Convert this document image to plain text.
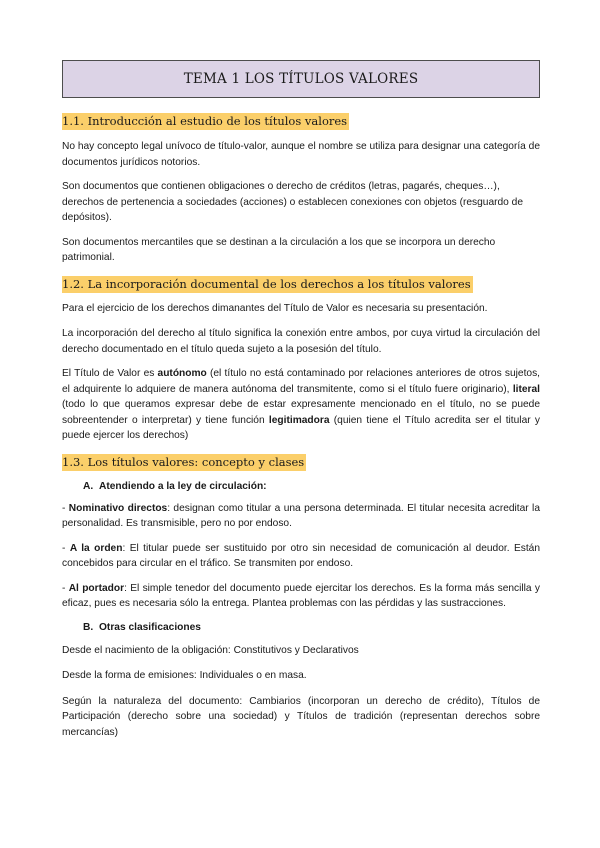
TEMA 1 LOS TÍTULOS VALORES
1.1. Introducción al estudio de los títulos valores

No hay concepto legal unívoco de título-valor, aunque el nombre se utiliza para designar una categoría de documentos jurídicos notorios.

Son documentos que contienen obligaciones o derecho de créditos (letras, pagarés, cheques…), derechos de pertenencia a sociedades (acciones) o establecen conexiones con objetos (resguardo de depósitos).

Son documentos mercantiles que se destinan a la circulación a los que se incorpora un derecho patrimonial.

1.2. La incorporación documental de los derechos a los títulos valores

Para el ejercicio de los derechos dimanantes del Título de Valor es necesaria su presentación.

La incorporación del derecho al título significa la conexión entre ambos, por cuya virtud la circulación del derecho documentado en el título queda sujeto a la posesión del título.

El Título de Valor es autónomo (el título no está contaminado por relaciones anteriores de otros sujetos, el adquirente lo adquiere de manera autónoma del transmitente, como si el título fuere originario), literal (todo lo que queramos expresar debe de estar expresamente mencionado en el título, no se puede sobreentender o interpretar) y tiene función legitimadora (quien tiene el Título acredita ser el titular y puede ejercer los derechos)

1.3. Los títulos valores: concepto y clases
A. Atendiendo a la ley de circulación:

- Nominativo directos: designan como titular a una persona determinada. El titular necesita acreditar la personalidad. Es transmisible, pero no por endoso.

- A la orden: El titular puede ser sustituido por otro sin necesidad de comunicación al deudor. Están concebidos para circular en el tráfico. Se transmiten por endoso.

- Al portador: El simple tenedor del documento puede ejercitar los derechos. Es la forma más sencilla y eficaz, pues es necesaria sólo la entrega. Plantea problemas con las pérdidas y las sustracciones.

B. Otras clasificaciones

Desde el nacimiento de la obligación: Constitutivos y Declarativos

Desde la forma de emisiones: Individuales o en masa.

Según la naturaleza del documento: Cambiarios (incorporan un derecho de crédito), Títulos de Participación (derecho sobre una sociedad) y Títulos de tradición (representan derechos sobre mercancías)
